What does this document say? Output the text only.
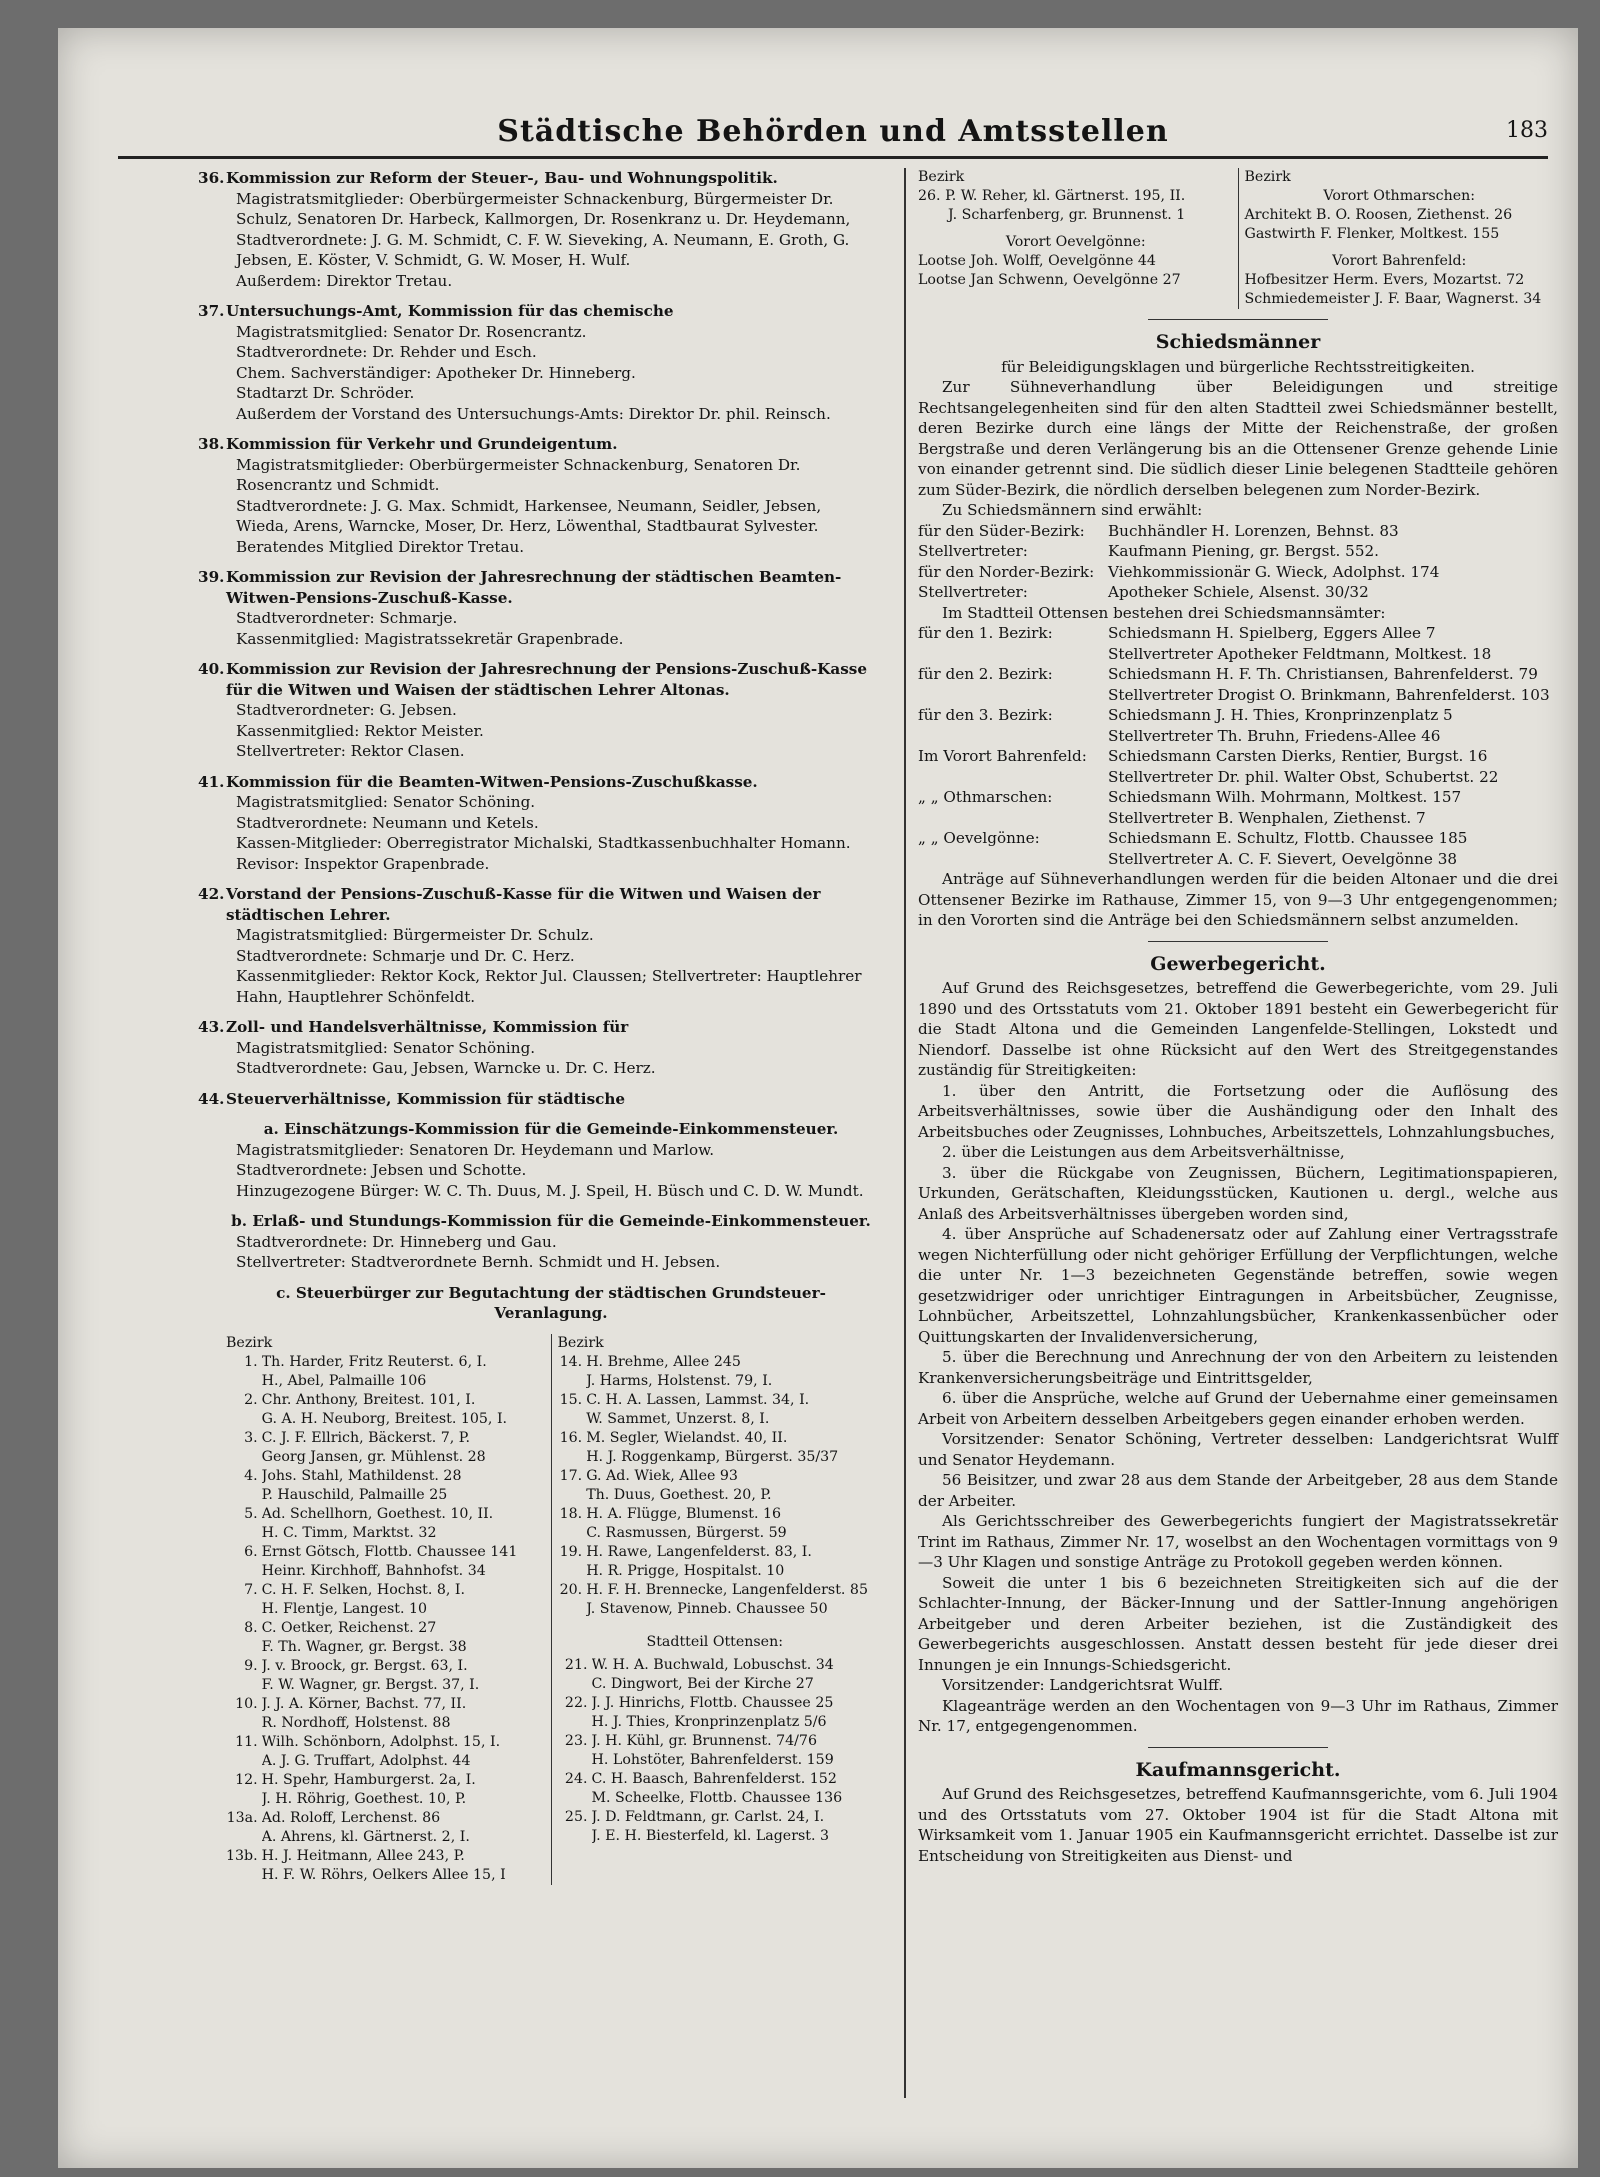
Städtische Behörden und Amtsstellen	183
36. Kommission zur Reform der Steuer-, Bau- und Wohnungspolitik.
Magistratsmitglieder: Oberbürgermeister Schnackenburg, Bürgermeister Dr. Schulz, Senatoren Dr. Harbeck, Kallmorgen, Dr. Rosenkranz u. Dr. Heydemann, Stadtverordnete: J. G. M. Schmidt, C. F. W. Sieveking, A. Neumann, E. Groth, G. Jebsen, E. Köster, V. Schmidt, G. W. Moser, H. Wulf.
Außerdem: Direktor Tretau.
37. Untersuchungs-Amt, Kommission für das chemische
Magistratsmitglied: Senator Dr. Rosencrantz.
Stadtverordnete: Dr. Rehder und Esch.
Chem. Sachverständiger: Apotheker Dr. Hinneberg.
Stadtarzt Dr. Schröder.
Außerdem der Vorstand des Untersuchungs-Amts: Direktor Dr. phil. Reinsch.
38. Kommission für Verkehr und Grundeigentum.
Magistratsmitglieder: Oberbürgermeister Schnackenburg, Senatoren Dr. Rosencrantz und Schmidt.
Stadtverordnete: J. G. Max. Schmidt, Harkensee, Neumann, Seidler, Jebsen, Wieda, Arens, Warncke, Moser, Dr. Herz, Löwenthal, Stadtbaurat Sylvester. Beratendes Mitglied Direktor Tretau.
39. Kommission zur Revision der Jahresrechnung der städtischen Beamten-Witwen-Pensions-Zuschuß-Kasse.
Stadtverordneter: Schmarje.
Kassenmitglied: Magistratssekretär Grapenbrade.
40. Kommission zur Revision der Jahresrechnung der Pensions-Zuschuß-Kasse für die Witwen und Waisen der städtischen Lehrer Altonas.
Stadtverordneter: G. Jebsen.
Kassenmitglied: Rektor Meister.
Stellvertreter: Rektor Clasen.
41. Kommission für die Beamten-Witwen-Pensions-Zuschußkasse.
Magistratsmitglied: Senator Schöning.
Stadtverordnete: Neumann und Ketels.
Kassen-Mitglieder: Oberregistrator Michalski, Stadtkassenbuchhalter Homann.
Revisor: Inspektor Grapenbrade.
42. Vorstand der Pensions-Zuschuß-Kasse für die Witwen und Waisen der städtischen Lehrer.
Magistratsmitglied: Bürgermeister Dr. Schulz.
Stadtverordnete: Schmarje und Dr. C. Herz.
Kassenmitglieder: Rektor Kock, Rektor Jul. Claussen; Stellvertreter: Hauptlehrer Hahn, Hauptlehrer Schönfeldt.
43. Zoll- und Handelsverhältnisse, Kommission für
Magistratsmitglied: Senator Schöning.
Stadtverordnete: Gau, Jebsen, Warncke u. Dr. C. Herz.
44. Steuerverhältnisse, Kommission für städtische
a. Einschätzungs-Kommission für die Gemeinde-Einkommensteuer.
Magistratsmitglieder: Senatoren Dr. Heydemann und Marlow.
Stadtverordnete: Jebsen und Schotte.
Hinzugezogene Bürger: W. C. Th. Duus, M. J. Speil, H. Büsch und C. D. W. Mundt.
b. Erlaß- und Stundungs-Kommission für die Gemeinde-Einkommensteuer.
Stadtverordnete: Dr. Hinneberg und Gau.
Stellvertreter: Stadtverordnete Bernh. Schmidt und H. Jebsen.
c. Steuerbürger zur Begutachtung der städtischen Grundsteuer-Veranlagung.
Bezirk
1.	Th. Harder, Fritz Reuterst. 6, I.
	H., Abel, Palmaille 106
2.	Chr. Anthony, Breitest. 101, I.
	G. A. H. Neuborg, Breitest. 105, I.
3.	C. J. F. Ellrich, Bäckerst. 7, P.
	Georg Jansen, gr. Mühlenst. 28
4.	Johs. Stahl, Mathildenst. 28
	P. Hauschild, Palmaille 25
5.	Ad. Schellhorn, Goethest. 10, II.
	H. C. Timm, Marktst. 32
6.	Ernst Götsch, Flottb. Chaussee 141
	Heinr. Kirchhoff, Bahnhofst. 34
7.	C. H. F. Selken, Hochst. 8, I.
	H. Flentje, Langest. 10
8.	C. Oetker, Reichenst. 27
	F. Th. Wagner, gr. Bergst. 38
9.	J. v. Broock, gr. Bergst. 63, I.
	F. W. Wagner, gr. Bergst. 37, I.
10.	J. J. A. Körner, Bachst. 77, II.
	R. Nordhoff, Holstenst. 88
11.	Wilh. Schönborn, Adolphst. 15, I.
	A. J. G. Truffart, Adolphst. 44
12.	H. Spehr, Hamburgerst. 2a, I.
	J. H. Röhrig, Goethest. 10, P.
13a.	Ad. Roloff, Lerchenst. 86
	A. Ahrens, kl. Gärtnerst. 2, I.
13b.	H. J. Heitmann, Allee 243, P.
	H. F. W. Röhrs, Oelkers Allee 15, I

Bezirk
14.	H. Brehme, Allee 245
	J. Harms, Holstenst. 79, I.
15.	C. H. A. Lassen, Lammst. 34, I.
	W. Sammet, Unzerst. 8, I.
16.	M. Segler, Wielandst. 40, II.
	H. J. Roggenkamp, Bürgerst. 35/37
17.	G. Ad. Wiek, Allee 93
	Th. Duus, Goethest. 20, P.
18.	H. A. Flügge, Blumenst. 16
	C. Rasmussen, Bürgerst. 59
19.	H. Rawe, Langenfelderst. 83, I.
	H. R. Prigge, Hospitalst. 10
20.	H. F. H. Brennecke, Langenfelderst. 85
	J. Stavenow, Pinneb. Chaussee 50
Stadtteil Ottensen:
21.	W. H. A. Buchwald, Lobuschst. 34
	C. Dingwort, Bei der Kirche 27
22.	J. J. Hinrichs, Flottb. Chaussee 25
	H. J. Thies, Kronprinzenplatz 5/6
23.	J. H. Kühl, gr. Brunnenst. 74/76
	H. Lohstöter, Bahrenfelderst. 159
24.	C. H. Baasch, Bahrenfelderst. 152
	M. Scheelke, Flottb. Chaussee 136
25.	J. D. Feldtmann, gr. Carlst. 24, I.
	J. E. H. Biesterfeld, kl. Lagerst. 3
Bezirk
26. P. W. Reher, kl. Gärtnerst. 195, II.
J. Scharfenberg, gr. Brunnenst. 1
Vorort Oevelgönne:
Lootse Joh. Wolff, Oevelgönne 44
Lootse Jan Schwenn, Oevelgönne 27

Bezirk
Vorort Othmarschen:
Architekt B. O. Roosen, Ziethenst. 26
Gastwirth F. Flenker, Moltkest. 155
Vorort Bahrenfeld:
Hofbesitzer Herm. Evers, Mozartst. 72
Schmiedemeister J. F. Baar, Wagnerst. 34
Schiedsmänner
für Beleidigungsklagen und bürgerliche Rechtsstreitigkeiten.
Zur Sühneverhandlung über Beleidigungen und streitige Rechtsangelegenheiten sind für den alten Stadtteil zwei Schiedsmänner bestellt, deren Bezirke durch eine längs der Mitte der Reichenstraße, der großen Bergstraße und deren Verlängerung bis an die Ottensener Grenze gehende Linie von einander getrennt sind. Die südlich dieser Linie belegenen Stadtteile gehören zum Süder-Bezirk, die nördlich derselben belegenen zum Norder-Bezirk.
Zu Schiedsmännern sind erwählt:
für den Süder-Bezirk:	Buchhändler H. Lorenzen, Behnst. 83
Stellvertreter:	Kaufmann Piening, gr. Bergst. 552.
für den Norder-Bezirk: Viehkommissionär G. Wieck, Adolphst. 174
Stellvertreter:	Apotheker Schiele, Alsenst. 30/32
Im Stadtteil Ottensen bestehen drei Schiedsmannsämter:
für den 1. Bezirk:	Schiedsmann H. Spielberg, Eggers Allee 7
Stellvertreter Apotheker Feldtmann, Moltkest. 18
für den 2. Bezirk:	Schiedsmann H. F. Th. Christiansen, Bahrenfelderst. 79
Stellvertreter Drogist O. Brinkmann, Bahrenfelderst. 103
für den 3. Bezirk:	Schiedsmann J. H. Thies, Kronprinzenplatz 5
Stellvertreter Th. Bruhn, Friedens-Allee 46
Im Vorort Bahrenfeld:	Schiedsmann Carsten Dierks, Rentier, Burgst. 16
Stellvertreter Dr. phil. Walter Obst, Schubertst. 22
„ „ Othmarschen:	Schiedsmann Wilh. Mohrmann, Moltkest. 157
Stellvertreter B. Wenphalen, Ziethenst. 7
„ „ Oevelgönne:	Schiedsmann E. Schultz, Flottb. Chaussee 185
Stellvertreter A. C. F. Sievert, Oevelgönne 38
Anträge auf Sühneverhandlungen werden für die beiden Altonaer und die drei Ottensener Bezirke im Rathause, Zimmer 15, von 9—3 Uhr entgegengenommen; in den Vororten sind die Anträge bei den Schiedsmännern selbst anzumelden.
Gewerbegericht.
Auf Grund des Reichsgesetzes, betreffend die Gewerbegerichte, vom 29. Juli 1890 und des Ortsstatuts vom 21. Oktober 1891 besteht ein Gewerbegericht für die Stadt Altona und die Gemeinden Langenfelde-Stellingen, Lokstedt und Niendorf. Dasselbe ist ohne Rücksicht auf den Wert des Streitgegenstandes zuständig für Streitigkeiten:
1. über den Antritt, die Fortsetzung oder die Auflösung des Arbeitsverhältnisses, sowie über die Aushändigung oder den Inhalt des Arbeitsbuches oder Zeugnisses, Lohnbuches, Arbeitszettels, Lohnzahlungsbuches,
2. über die Leistungen aus dem Arbeitsverhältnisse,
3. über die Rückgabe von Zeugnissen, Büchern, Legitimationspapieren, Urkunden, Gerätschaften, Kleidungsstücken, Kautionen u. dergl., welche aus Anlaß des Arbeitsverhältnisses übergeben worden sind,
4. über Ansprüche auf Schadenersatz oder auf Zahlung einer Vertragsstrafe wegen Nichterfüllung oder nicht gehöriger Erfüllung der Verpflichtungen, welche die unter Nr. 1—3 bezeichneten Gegenstände betreffen, sowie wegen gesetzwidriger oder unrichtiger Eintragungen in Arbeitsbücher, Zeugnisse, Lohnbücher, Arbeitszettel, Lohnzahlungsbücher, Krankenkassenbücher oder Quittungskarten der Invalidenversicherung,
5. über die Berechnung und Anrechnung der von den Arbeitern zu leistenden Krankenversicherungsbeiträge und Eintrittsgelder,
6. über die Ansprüche, welche auf Grund der Uebernahme einer gemeinsamen Arbeit von Arbeitern desselben Arbeitgebers gegen einander erhoben werden.
Vorsitzender: Senator Schöning, Vertreter desselben: Landgerichtsrat Wulff und Senator Heydemann.
56 Beisitzer, und zwar 28 aus dem Stande der Arbeitgeber, 28 aus dem Stande der Arbeiter.
Als Gerichtsschreiber des Gewerbegerichts fungiert der Magistratssekretär Trint im Rathaus, Zimmer Nr. 17, woselbst an den Wochentagen vormittags von 9—3 Uhr Klagen und sonstige Anträge zu Protokoll gegeben werden können.
Soweit die unter 1 bis 6 bezeichneten Streitigkeiten sich auf die der Schlachter-Innung, der Bäcker-Innung und der Sattler-Innung angehörigen Arbeitgeber und deren Arbeiter beziehen, ist die Zuständigkeit des Gewerbegerichts ausgeschlossen. Anstatt dessen besteht für jede dieser drei Innungen je ein Innungs-Schiedsgericht.
Vorsitzender: Landgerichtsrat Wulff.
Klageanträge werden an den Wochentagen von 9—3 Uhr im Rathaus, Zimmer Nr. 17, entgegengenommen.
Kaufmannsgericht.
Auf Grund des Reichsgesetzes, betreffend Kaufmannsgerichte, vom 6. Juli 1904 und des Ortsstatuts vom 27. Oktober 1904 ist für die Stadt Altona mit Wirksamkeit vom 1. Januar 1905 ein Kaufmannsgericht errichtet. Dasselbe ist zur Entscheidung von Streitigkeiten aus Dienst- und
